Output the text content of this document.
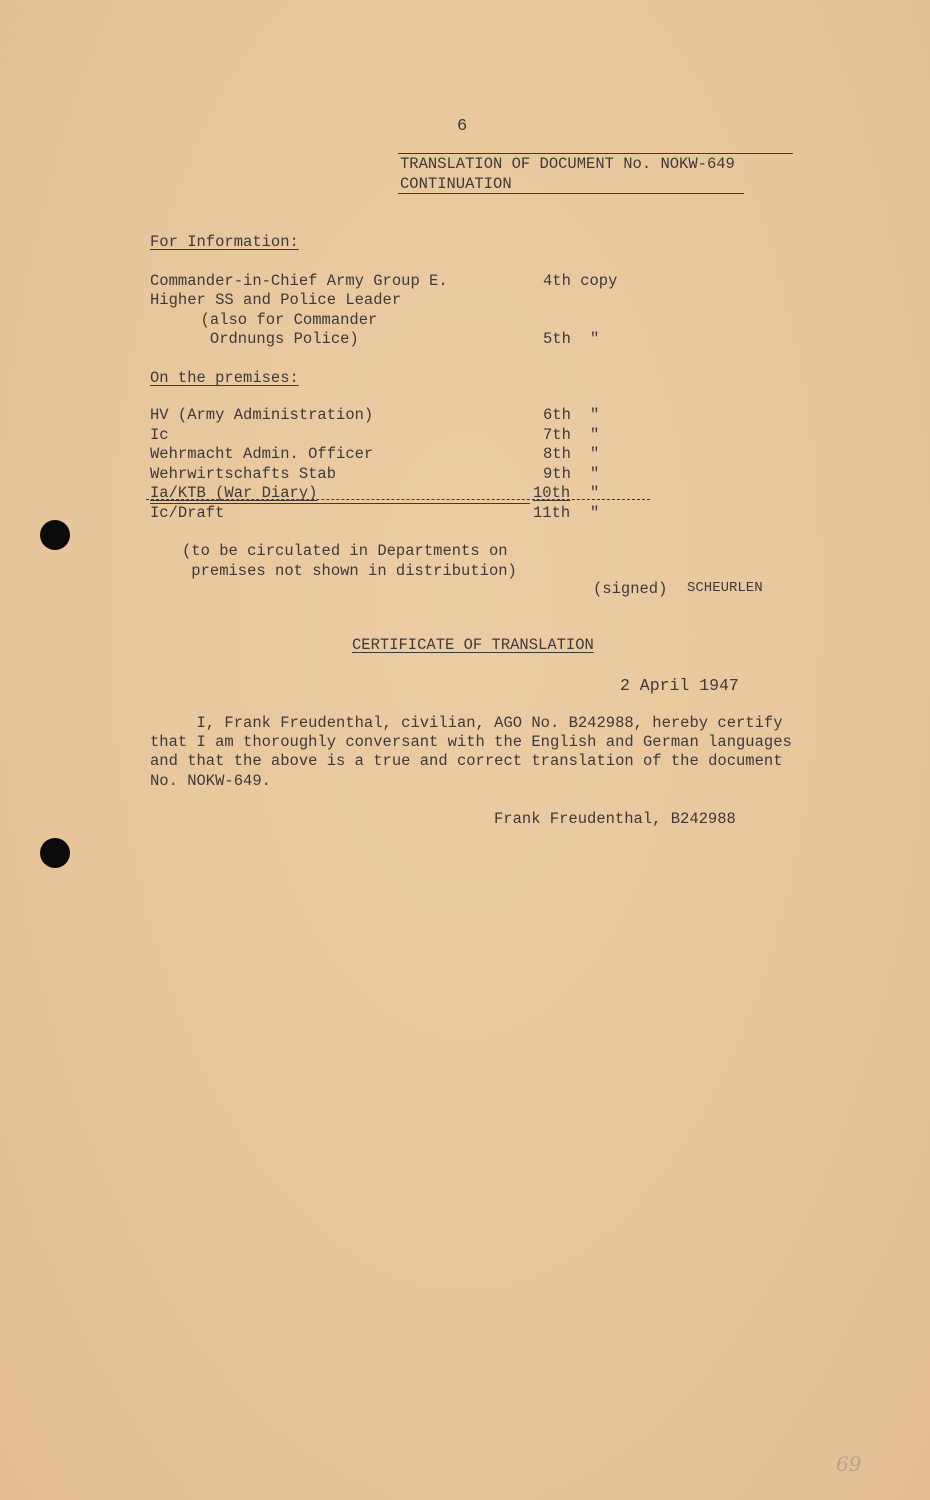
6
TRANSLATION OF DOCUMENT No. NOKW-649
CONTINUATION
For Information:
Commander-in-Chief Army Group E.	4th copy
Higher SS and Police Leader
(also for Commander
Ordnungs Police)	5th "
On the premises:
HV (Army Administration)	6th "
Ic	7th "
Wehrmacht Admin. Officer	8th "
Wehrwirtschafts Stab	9th "
Ia/KTB (War Diary)	10th "
Ic/Draft	11th "
(to be circulated in Departments on
premises not shown in distribution)
(signed) SCHEURLEN
CERTIFICATE OF TRANSLATION
2 April 1947
I, Frank Freudenthal, civilian, AGO No. B242988, hereby certify
that I am thoroughly conversant with the English and German languages
and that the above is a true and correct translation of the document
No. NOKW-649.
Frank Freudenthal, B242988
69
